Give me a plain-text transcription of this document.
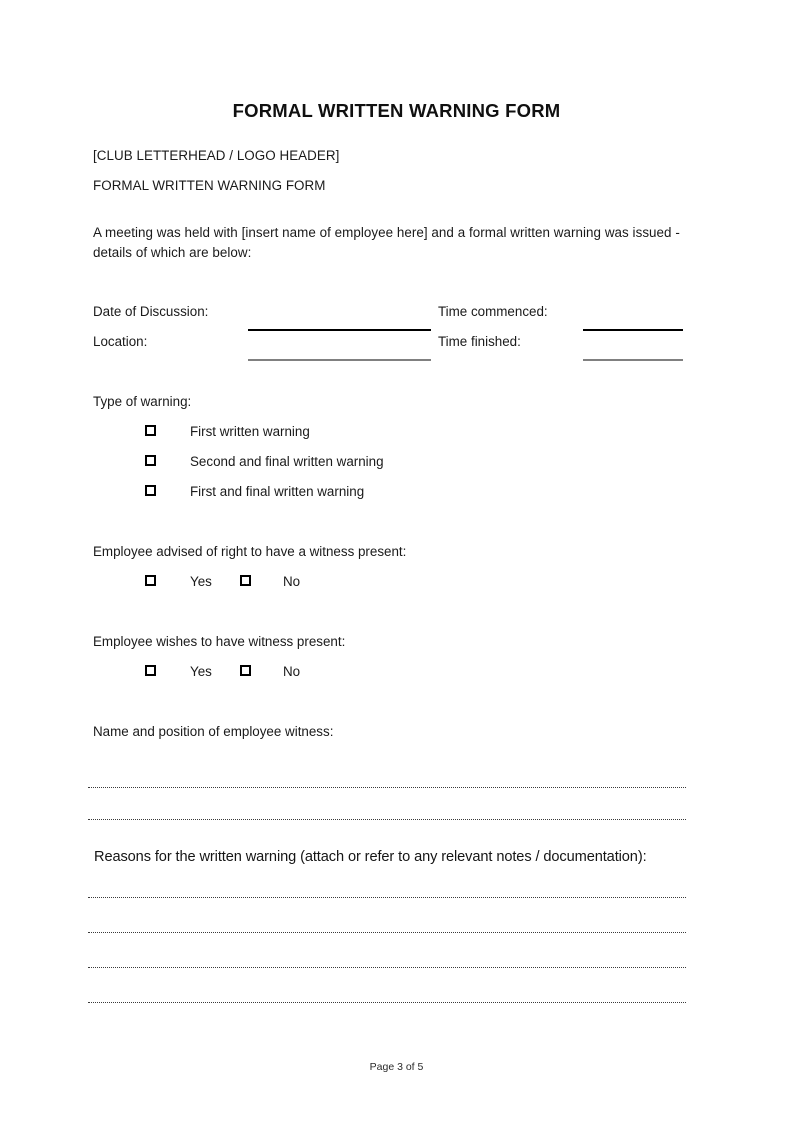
FORMAL WRITTEN WARNING FORM
[CLUB LETTERHEAD / LOGO HEADER]
FORMAL WRITTEN WARNING FORM
A meeting was held with [insert name of employee here] and a formal written warning was issued - details of which are below:
Date of Discussion:
Location:
Time commenced:
Time finished:
Type of warning:
First written warning
Second and final written warning
First and final written warning
Employee advised of right to have a witness present:
Yes	No
Employee wishes to have witness present:
Yes	No
Name and position of employee witness:
Reasons for the written warning (attach or refer to any relevant notes / documentation):
Page 3 of 5
